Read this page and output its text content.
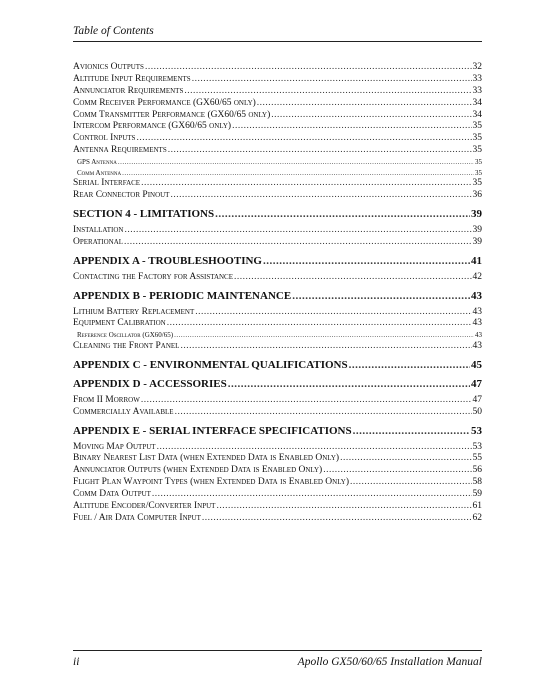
Table of Contents
Avionics Outputs .....	32
Altitude Input Requirements .....	33
Annunciator Requirements .....	33
Comm Receiver Performance (GX60/65 only) .....	34
Comm Transmitter Performance (GX60/65 only) .....	34
Intercom Performance (GX60/65 only) .....	35
Control Inputs .....	35
Antenna Requirements .....	35
GPS Antenna .....	35
Comm Antenna .....	35
Serial Interface .....	35
Rear Connector Pinout .....	36
SECTION 4 - LIMITATIONS .....	39
Installation .....	39
Operational .....	39
APPENDIX A - TROUBLESHOOTING .....	41
Contacting the Factory for Assistance .....	42
APPENDIX B - PERIODIC MAINTENANCE .....	43
Lithium Battery Replacement .....	43
Equipment Calibration .....	43
Reference Oscillator (GX60/65) .....	43
Cleaning the Front Panel .....	43
APPENDIX C - ENVIRONMENTAL QUALIFICATIONS .....	45
APPENDIX D - ACCESSORIES .....	47
From II Morrow .....	47
Commercially Available .....	50
APPENDIX E - SERIAL INTERFACE SPECIFICATIONS .....	53
Moving Map Output .....	53
Binary Nearest List Data (when Extended Data is Enabled Only) .....	55
Annunciator Outputs (when Extended Data is Enabled Only) .....	56
Flight Plan Waypoint Types (when Extended Data is Enabled Only) .....	58
Comm Data Output .....	59
Altitude Encoder/Converter Input .....	61
Fuel / Air Data Computer Input .....	62
ii	Apollo GX50/60/65 Installation Manual
